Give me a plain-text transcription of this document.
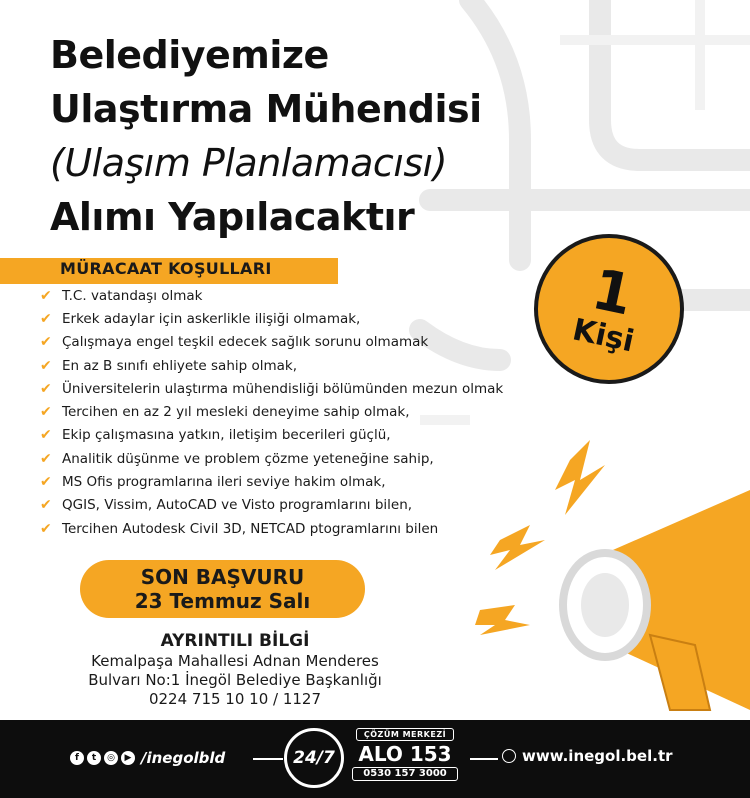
Belediyemize
Ulaştırma Mühendisi
(Ulaşım Planlamacısı)
Alımı Yapılacaktır
MÜRACAAT KOŞULLARI
✔ T.C. vatandaşı olmak
✔ Erkek adaylar için askerlikle ilişiği olmamak,
✔ Çalışmaya engel teşkil edecek sağlık sorunu olmamak
✔ En az B sınıfı ehliyete sahip olmak,
✔ Üniversitelerin ulaştırma mühendisliği bölümünden mezun olmak
✔ Tercihen en az 2 yıl mesleki deneyime sahip olmak,
✔ Ekip çalışmasına yatkın, iletişim becerileri güçlü,
✔ Analitik düşünme ve problem çözme yeteneğine sahip,
✔ MS Ofis programlarına ileri seviye hakim olmak,
✔ QGIS, Vissim, AutoCAD ve Visto programlarını bilen,
✔ Tercihen Autodesk Civil 3D, NETCAD ptogramlarını bilen
1
Kişi
SON BAŞVURU
23 Temmuz Salı
AYRINTILI BİLGİ
Kemalpaşa Mahallesi Adnan Menderes
Bulvarı No:1 İnegöl Belediye Başkanlığı
0224 715 10 10 / 1127
f	t	◎	▶ /inegolbld	24/7
ÇÖZÜM MERKEZİ
ALO 153
0530 157 3000
www.inegol.bel.tr
